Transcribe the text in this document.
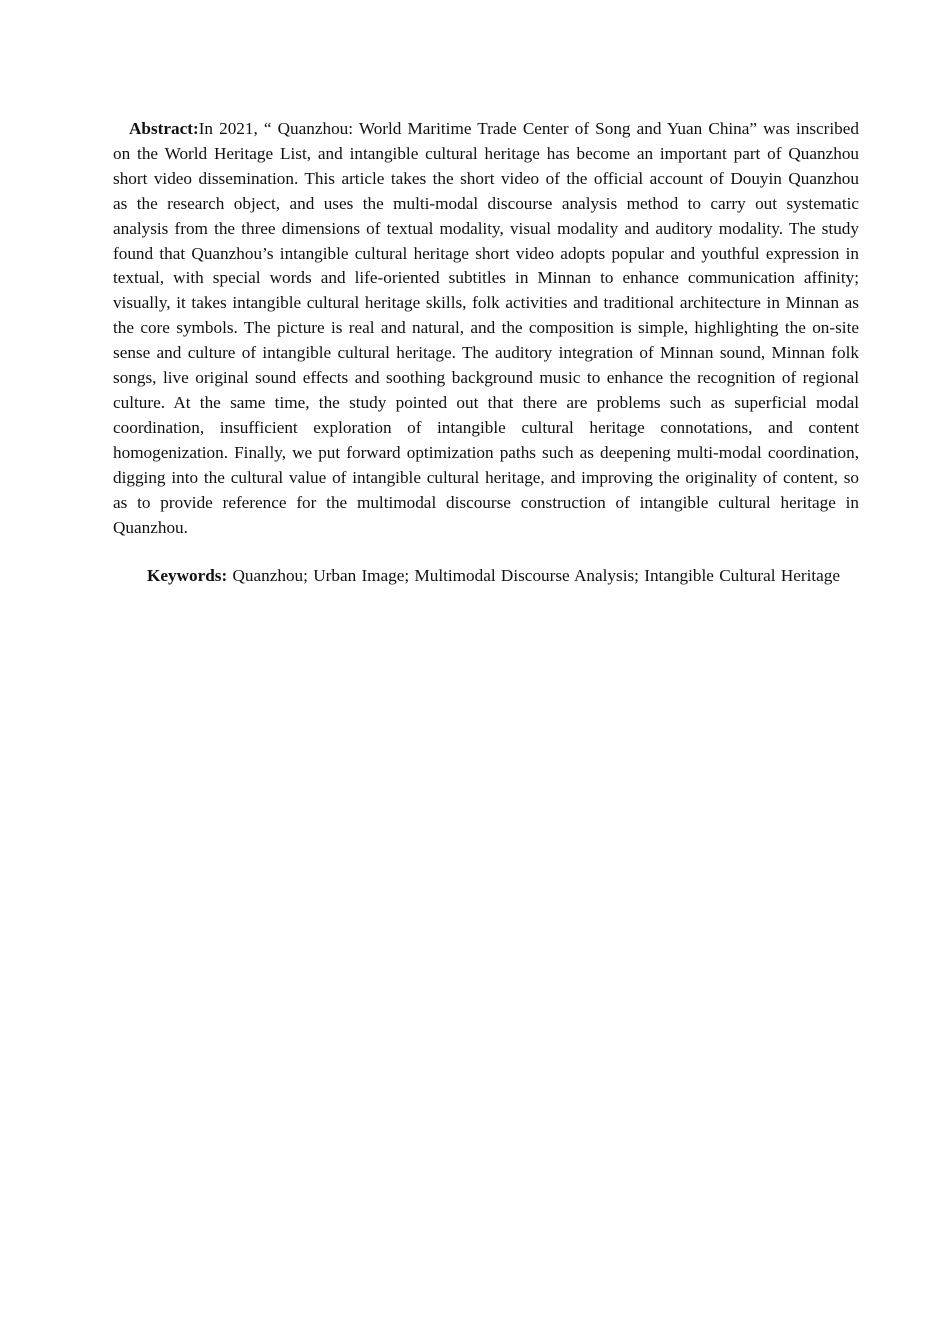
Abstract:In 2021, “ Quanzhou: World Maritime Trade Center of Song and Yuan China” was inscribed on the World Heritage List, and intangible cultural heritage has become an important part of Quanzhou short video dissemination. This article takes the short video of the official account of Douyin Quanzhou as the research object, and uses the multi-modal discourse analysis method to carry out systematic analysis from the three dimensions of textual modality, visual modality and auditory modality. The study found that Quanzhou’s intangible cultural heritage short video adopts popular and youthful expression in textual, with special words and life-oriented subtitles in Minnan to enhance communication affinity; visually, it takes intangible cultural heritage skills, folk activities and traditional architecture in Minnan as the core symbols. The picture is real and natural, and the composition is simple, highlighting the on-site sense and culture of intangible cultural heritage. The auditory integration of Minnan sound, Minnan folk songs, live original sound effects and soothing background music to enhance the recognition of regional culture. At the same time, the study pointed out that there are problems such as superficial modal coordination, insufficient exploration of intangible cultural heritage connotations, and content homogenization. Finally, we put forward optimization paths such as deepening multi-modal coordination, digging into the cultural value of intangible cultural heritage, and improving the originality of content, so as to provide reference for the multimodal discourse construction of intangible cultural heritage in Quanzhou.

Keywords: Quanzhou; Urban Image; Multimodal Discourse Analysis; Intangible Cultural Heritage
